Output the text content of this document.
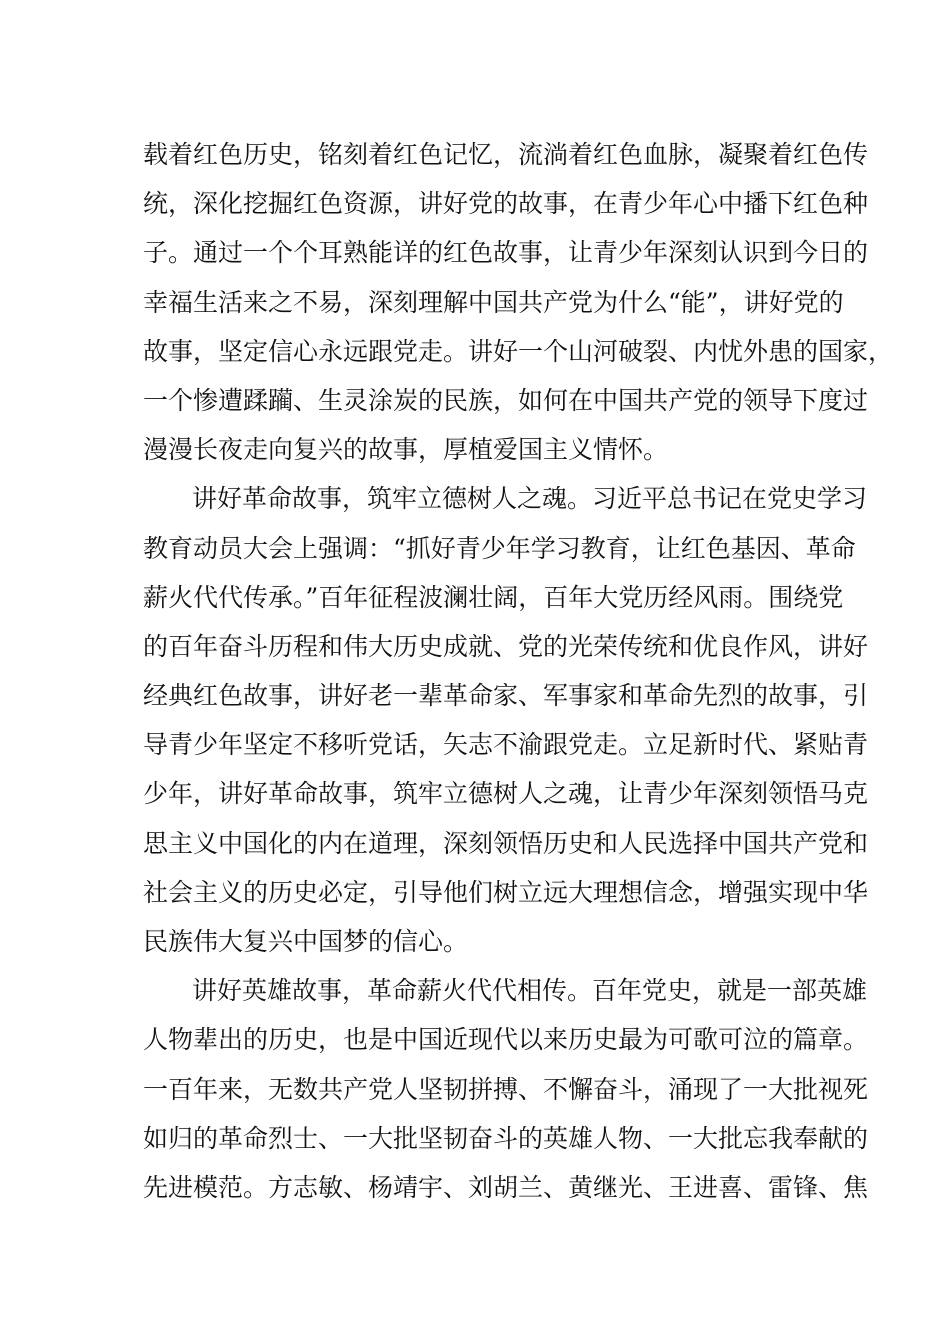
载着红色历史，铭刻着红色记忆，流淌着红色血脉，凝聚着红色传
统，深化挖掘红色资源，讲好党的故事，在青少年心中播下红色种
子。通过一个个耳熟能详的红色故事，让青少年深刻认识到今日的
幸福生活来之不易，深刻理解中国共产党为什么“能”，讲好党的
故事，坚定信心永远跟党走。讲好一个山河破裂、内忧外患的国家，
一个惨遭蹂躏、生灵涂炭的民族，如何在中国共产党的领导下度过
漫漫长夜走向复兴的故事，厚植爱国主义情怀。
讲好革命故事，筑牢立德树人之魂。习近平总书记在党史学习
教育动员大会上强调：“抓好青少年学习教育，让红色基因、革命
薪火代代传承。”百年征程波澜壮阔，百年大党历经风雨。围绕党
的百年奋斗历程和伟大历史成就、党的光荣传统和优良作风，讲好
经典红色故事，讲好老一辈革命家、军事家和革命先烈的故事，引
导青少年坚定不移听党话，矢志不渝跟党走。立足新时代、紧贴青
少年，讲好革命故事，筑牢立德树人之魂，让青少年深刻领悟马克
思主义中国化的内在道理，深刻领悟历史和人民选择中国共产党和
社会主义的历史必定，引导他们树立远大理想信念，增强实现中华
民族伟大复兴中国梦的信心。
讲好英雄故事，革命薪火代代相传。百年党史，就是一部英雄
人物辈出的历史，也是中国近现代以来历史最为可歌可泣的篇章。
一百年来，无数共产党人坚韧拼搏、不懈奋斗，涌现了一大批视死
如归的革命烈士、一大批坚韧奋斗的英雄人物、一大批忘我奉献的
先进模范。方志敏、杨靖宇、刘胡兰、黄继光、王进喜、雷锋、焦
